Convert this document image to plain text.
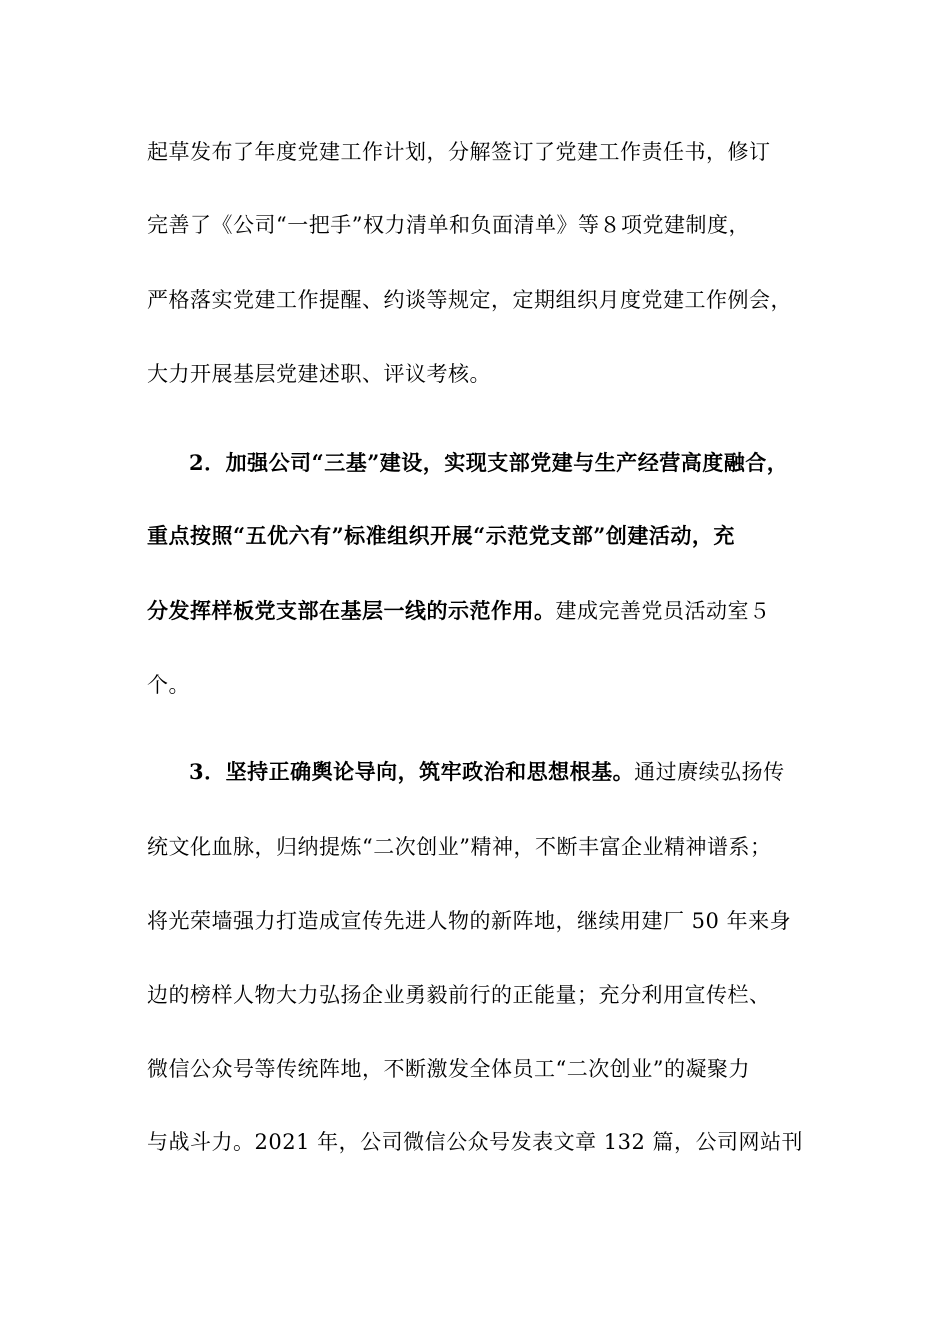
起草发布了年度党建工作计划，分解签订了党建工作责任书，修订
完善了《公司“一把手”权力清单和负面清单》等８项党建制度，
严格落实党建工作提醒、约谈等规定，定期组织月度党建工作例会，
大力开展基层党建述职、评议考核。
2．加强公司“三基”建设，实现支部党建与生产经营高度融合，
重点按照“五优六有”标准组织开展“示范党支部”创建活动，充
分发挥样板党支部在基层一线的示范作用。建成完善党员活动室５
个。
3．坚持正确舆论导向，筑牢政治和思想根基。通过赓续弘扬传
统文化血脉，归纳提炼“二次创业”精神，不断丰富企业精神谱系；
将光荣墙强力打造成宣传先进人物的新阵地，继续用建厂 50 年来身
边的榜样人物大力弘扬企业勇毅前行的正能量；充分利用宣传栏、
微信公众号等传统阵地，不断激发全体员工“二次创业”的凝聚力
与战斗力。2021 年，公司微信公众号发表文章 132 篇，公司网站刊
